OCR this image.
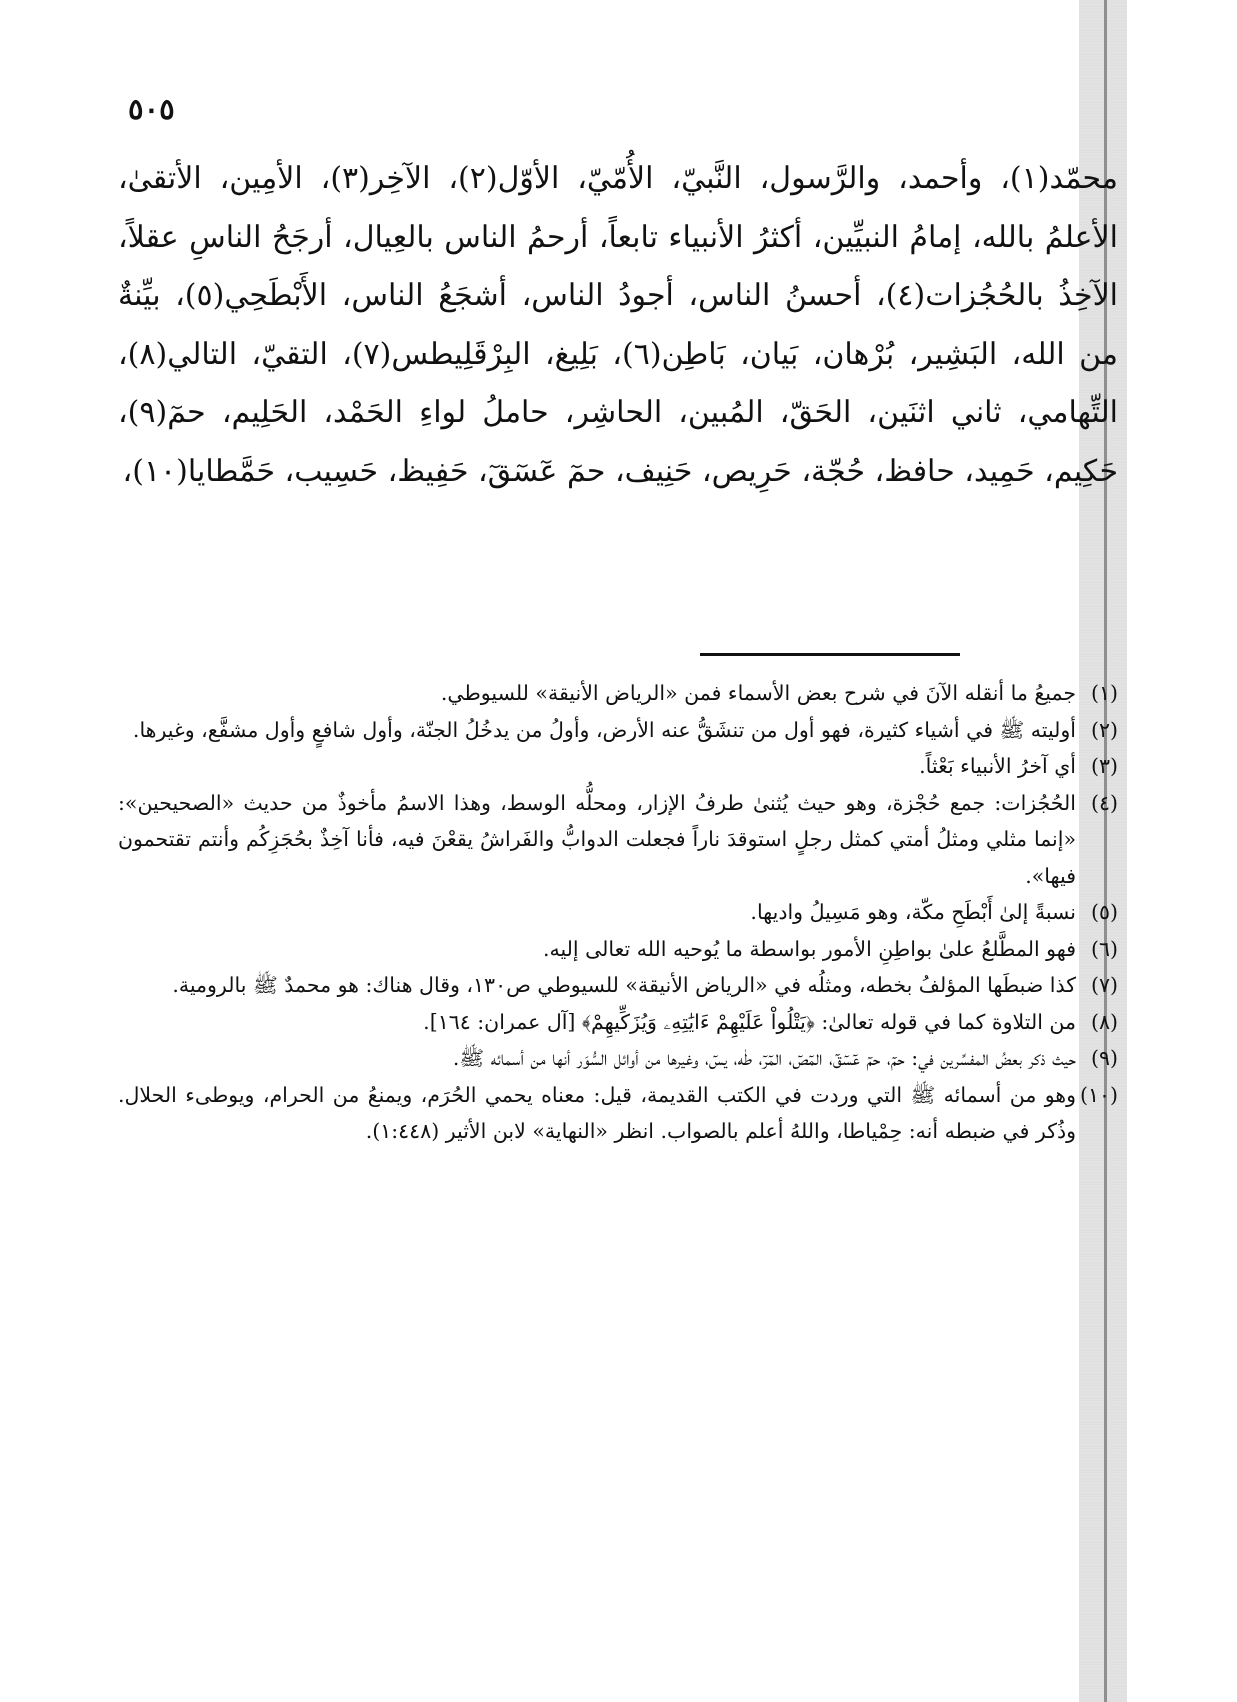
٥٠٥
محمّد(١)، وأحمد، والرَّسول، النَّبيّ، الأُمّيّ، الأوّل(٢)، الآخِر(٣)، الأمِين، الأتقىٰ، الأعلمُ بالله، إمامُ النبيِّين، أكثرُ الأنبياء تابعاً، أرحمُ الناس بالعِيال، أرجَحُ الناسِ عقلاً، الآخِذُ بالحُجُزات(٤)، أحسنُ الناس، أجودُ الناس، أشجَعُ الناس، الأَبْطَحِي(٥)، بيِّنةٌ من الله، البَشِير، بُرْهان، بَيان، بَاطِن(٦)، بَلِيغ، البِرْقَلِيطس(٧)، التقيّ، التالي(٨)، التِّهامي، ثاني اثنَين، الحَقّ، المُبين، الحاشِر، حاملُ لواءِ الحَمْد، الحَلِيم، حمٓ(٩)، حَكِيم، حَمِيد، حافظ، حُجّة، حَرِيص، حَنِيف، حمٓ عٓسٓقٓ، حَفِيظ، حَسِيب، حَمَّطايا(١٠)،
(١)جميعُ ما أنقله الآنَ في شرح بعض الأسماء فمن «الرياض الأنيقة» للسيوطي.
(٢)أوليته ﷺ في أشياء كثيرة، فهو أول من تنشَقُّ عنه الأرض، وأولُ من يدخُلُ الجنّة، وأول شافعٍ وأول مشفَّع، وغيرها.
(٣)أي آخرُ الأنبياء بَعْثاً.
(٤)الحُجُزات: جمع حُجْزة، وهو حيث يُثنىٰ طرفُ الإزار، ومحلُّه الوسط، وهذا الاسمُ مأخوذٌ من حديث «الصحيحين»: «إنما مثلي ومثلُ أمتي كمثل رجلٍ استوقدَ ناراً فجعلت الدوابُّ والفَراشُ يقعْنَ فيه، فأنا آخِذٌ بحُجَزِكُم وأنتم تقتحمون فيها».
(٥)نسبةً إلىٰ أَبْطَحِ مكّة، وهو مَسِيلُ واديها.
(٦)فهو المطَّلعُ علىٰ بواطِنِ الأمور بواسطة ما يُوحيه الله تعالى إليه.
(٧)كذا ضبطَها المؤلفُ بخطه، ومثلُه في «الرياض الأنيقة» للسيوطي ص١٣٠، وقال هناك: هو محمدٌ ﷺ بالرومية.
(٨)من التلاوة كما في قوله تعالىٰ: ﴿يَتْلُواْ عَلَيْهِمْ ءَايَٰتِهِۦ وَيُزَكِّيهِمْ﴾ [آل عمران: ١٦٤].
(٩)حيث ذكر بعضُ المفسِّرين في: حمٓ، حمٓ عٓسٓقٓ، المٓصٓ، المٓرٓ، طٰه، يسٓ، وغيرها من أوائل السُّوَر أنها من أسمائه ﷺ.
(١٠)وهو من أسمائه ﷺ التي وردت في الكتب القديمة، قيل: معناه يحمي الحُرَم، ويمنعُ من الحرام، ويوطىء الحلال. وذُكر في ضبطه أنه: حِمْياطا، واللهُ أعلم بالصواب. انظر «النهاية» لابن الأثير (١:٤٤٨).
